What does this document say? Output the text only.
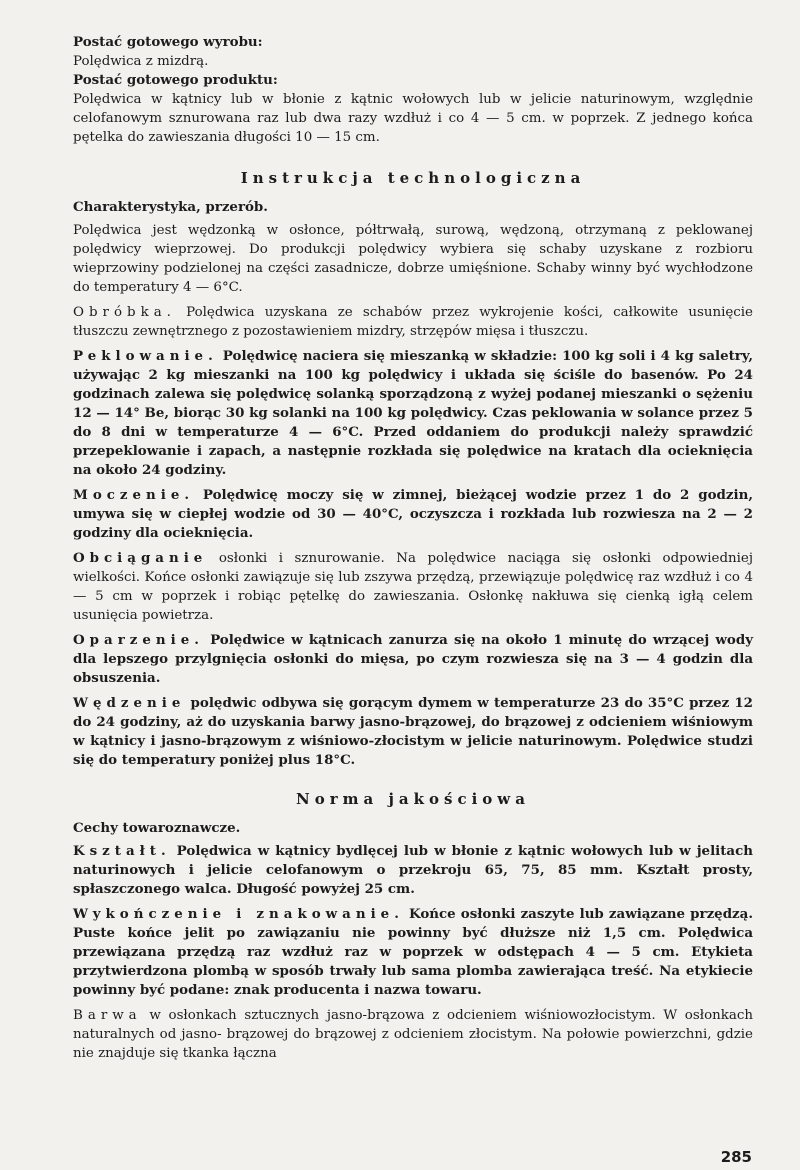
Postać gotowego wyrobu:
Polędwica z mizdrą.
Postać gotowego produktu:
Polędwica w kątnicy lub w błonie z kątnic wołowych lub w jelicie naturinowym, względnie celofanowym sznurowana raz lub dwa razy wzdłuż i co 4 — 5 cm. w poprzek. Z jednego końca pętelka do zawieszania długości 10 — 15 cm.

Instrukcja technologiczna
Charakterystyka, przerób.

Polędwica jest wędzonką w osłonce, półtrwałą, surową, wędzoną, otrzymaną z peklowanej polędwicy wieprzowej. Do produkcji polędwicy wybiera się schaby uzyskane z rozbioru wieprzowiny podzielonej na części zasadnicze, dobrze umięśnione. Schaby winny być wychłodzone do temperatury 4 — 6°C.

Obróbka. Polędwica uzyskana ze schabów przez wykrojenie kości, całkowite usunięcie tłuszczu zewnętrznego z pozostawieniem mizdry, strzępów mięsa i tłuszczu.

Peklowanie. Polędwicę naciera się mieszanką w składzie: 100 kg soli i 4 kg saletry, używając 2 kg mieszanki na 100 kg polędwicy i układa się ściśle do basenów. Po 24 godzinach zalewa się polędwicę solanką sporządzoną z wyżej podanej mieszanki o sężeniu 12 — 14° Be, biorąc 30 kg solanki na 100 kg polędwicy. Czas peklowania w solance przez 5 do 8 dni w temperaturze 4 — 6°C. Przed oddaniem do produkcji należy sprawdzić przepeklowanie i zapach, a następnie rozkłada się polędwice na kratach dla ocieknięcia na około 24 godziny.

Moczenie. Polędwicę moczy się w zimnej, bieżącej wodzie przez 1 do 2 godzin, umywa się w ciepłej wodzie od 30 — 40°C, oczyszcza i rozkłada lub rozwiesza na 2 — 2 godziny dla ocieknięcia.

Obciąganie osłonki i sznurowanie. Na polędwice naciąga się osłonki odpowiedniej wielkości. Końce osłonki zawiązuje się lub zszywa przędzą, przewiązuje polędwicę raz wzdłuż i co 4 — 5 cm w poprzek i robiąc pętelkę do zawieszania. Osłonkę nakłuwa się cienką igłą celem usunięcia powietrza.

Oparzenie. Polędwice w kątnicach zanurza się na około 1 minutę do wrzącej wody dla lepszego przylgnięcia osłonki do mięsa, po czym rozwiesza się na 3 — 4 godzin dla obsuszenia.

Wędzenie polędwic odbywa się gorącym dymem w temperaturze 23 do 35°C przez 12 do 24 godziny, aż do uzyskania barwy jasno-brązowej, do brązowej z odcieniem wiśniowym w kątnicy i jasno-brązowym z wiśniowo-złocistym w jelicie naturinowym. Polędwice studzi się do temperatury poniżej plus 18°C.

Norma jakościowa
Cechy towaroznawcze.

Kształt. Polędwica w kątnicy bydlęcej lub w błonie z kątnic wołowych lub w jelitach naturinowych i jelicie celofanowym o przekroju 65, 75, 85 mm. Kształt prosty, spłaszczonego walca. Długość powyżej 25 cm.

Wykończenie i znakowanie. Końce osłonki zaszyte lub zawiązane przędzą. Puste końce jelit po zawiązaniu nie powinny być dłuższe niż 1,5 cm. Polędwica przewiązana przędzą raz wzdłuż raz w poprzek w odstępach 4 — 5 cm. Etykieta przytwierdzona plombą w sposób trwały lub sama plomba zawierająca treść. Na etykiecie powinny być podane: znak producenta i nazwa towaru.

Barwa w osłonkach sztucznych jasno-brązowa z odcieniem wiśniowozłocistym. W osłonkach naturalnych od jasno- brązowej do brązowej z odcieniem złocistym. Na połowie powierzchni, gdzie nie znajduje się tkanka łączna

285
